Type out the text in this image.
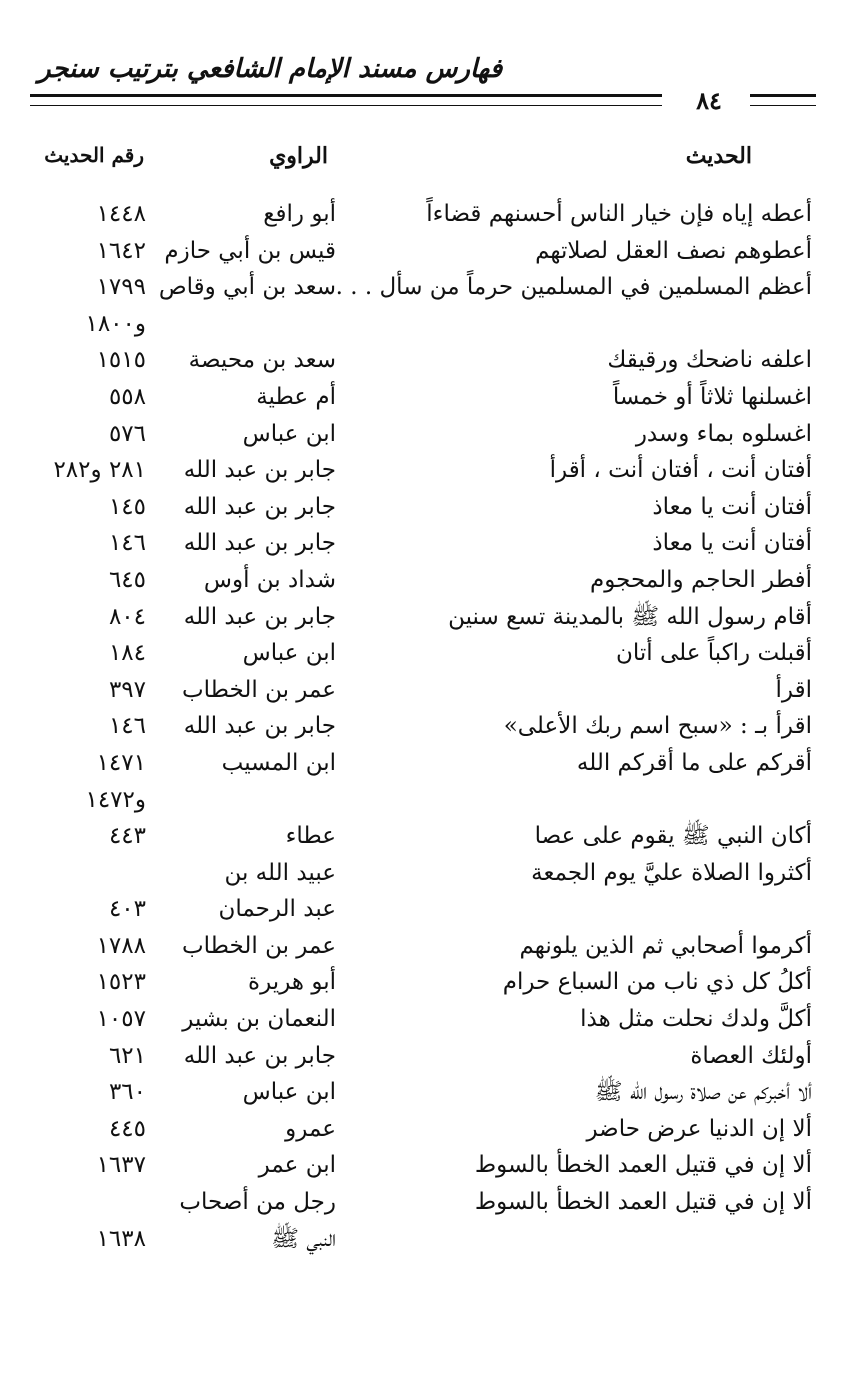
فهارس مسند الإمام الشافعي بترتيب سنجر
٨٤
الحديث
الراوي
رقم الحديث
أعطه إياه فإن خيار الناس أحسنهم قضاءاً
أبو رافع
١٤٤٨
أعطوهم نصف العقل لصلاتهم
قيس بن أبي حازم
١٦٤٢
أعظم المسلمين في المسلمين حرماً من سأل . . .
سعد بن أبي وقاص
١٧٩٩
و١٨٠٠
اعلفه ناضحك ورقيقك
سعد بن محيصة
١٥١٥
اغسلنها ثلاثاً أو خمساً
أم عطية
٥٥٨
اغسلوه بماء وسدر
ابن عباس
٥٧٦
أفتان أنت ، أفتان أنت ، أقرأ
جابر بن عبد الله
٢٨١ و٢٨٢
أفتان أنت يا معاذ
جابر بن عبد الله
١٤٥
أفتان أنت يا معاذ
جابر بن عبد الله
١٤٦
أفطر الحاجم والمحجوم
شداد بن أوس
٦٤٥
أقام رسول الله ﷺ بالمدينة تسع سنين
جابر بن عبد الله
٨٠٤
أقبلت راكباً على أتان
ابن عباس
١٨٤
اقرأ
عمر بن الخطاب
٣٩٧
اقرأ بـ : «سبح اسم ربك الأعلى»
جابر بن عبد الله
١٤٦
أقركم على ما أقركم الله
ابن المسيب
١٤٧١
و١٤٧٢
أكان النبي ﷺ يقوم على عصا
عطاء
٤٤٣
أكثروا الصلاة عليَّ يوم الجمعة
عبيد الله بن
عبد الرحمان
٤٠٣
أكرموا أصحابي ثم الذين يلونهم
عمر بن الخطاب
١٧٨٨
أكلُ كل ذي ناب من السباع حرام
أبو هريرة
١٥٢٣
أكلَّ ولدك نحلت مثل هذا
النعمان بن بشير
١٠٥٧
أولئك العصاة
جابر بن عبد الله
٦٢١
ألا أخبركم عن صلاة رسول الله ﷺ
ابن عباس
٣٦٠
ألا إن الدنيا عرض حاضر
عمرو
٤٤٥
ألا إن في قتيل العمد الخطأ بالسوط
ابن عمر
١٦٣٧
ألا إن في قتيل العمد الخطأ بالسوط
رجل من أصحاب
النبي ﷺ
١٦٣٨
